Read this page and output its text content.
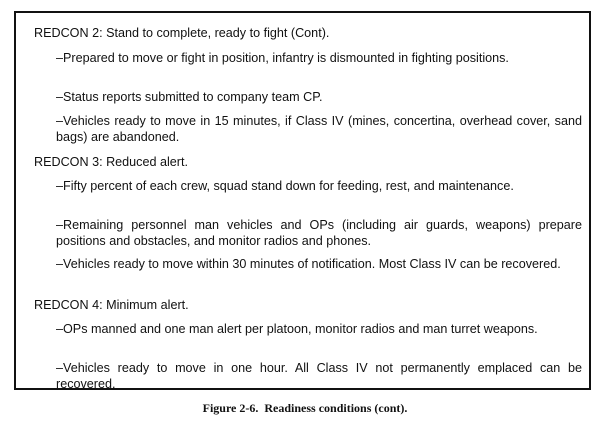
REDCON 2: Stand to complete, ready to fight (Cont).
–Prepared to move or fight in position, infantry is dismounted in fighting positions.
–Status reports submitted to company team CP.
–Vehicles ready to move in 15 minutes, if Class IV (mines, concertina, overhead cover, sand bags) are abandoned.
REDCON 3: Reduced alert.
–Fifty percent of each crew, squad stand down for feeding, rest, and maintenance.
–Remaining personnel man vehicles and OPs (including air guards, weapons) prepare positions and obstacles, and monitor radios and phones.
–Vehicles ready to move within 30 minutes of notification. Most Class IV can be recovered.
REDCON 4: Minimum alert.
–OPs manned and one man alert per platoon, monitor radios and man turret weapons.
–Vehicles ready to move in one hour. All Class IV not permanently emplaced can be recovered.
Figure 2-6.  Readiness conditions (cont).
